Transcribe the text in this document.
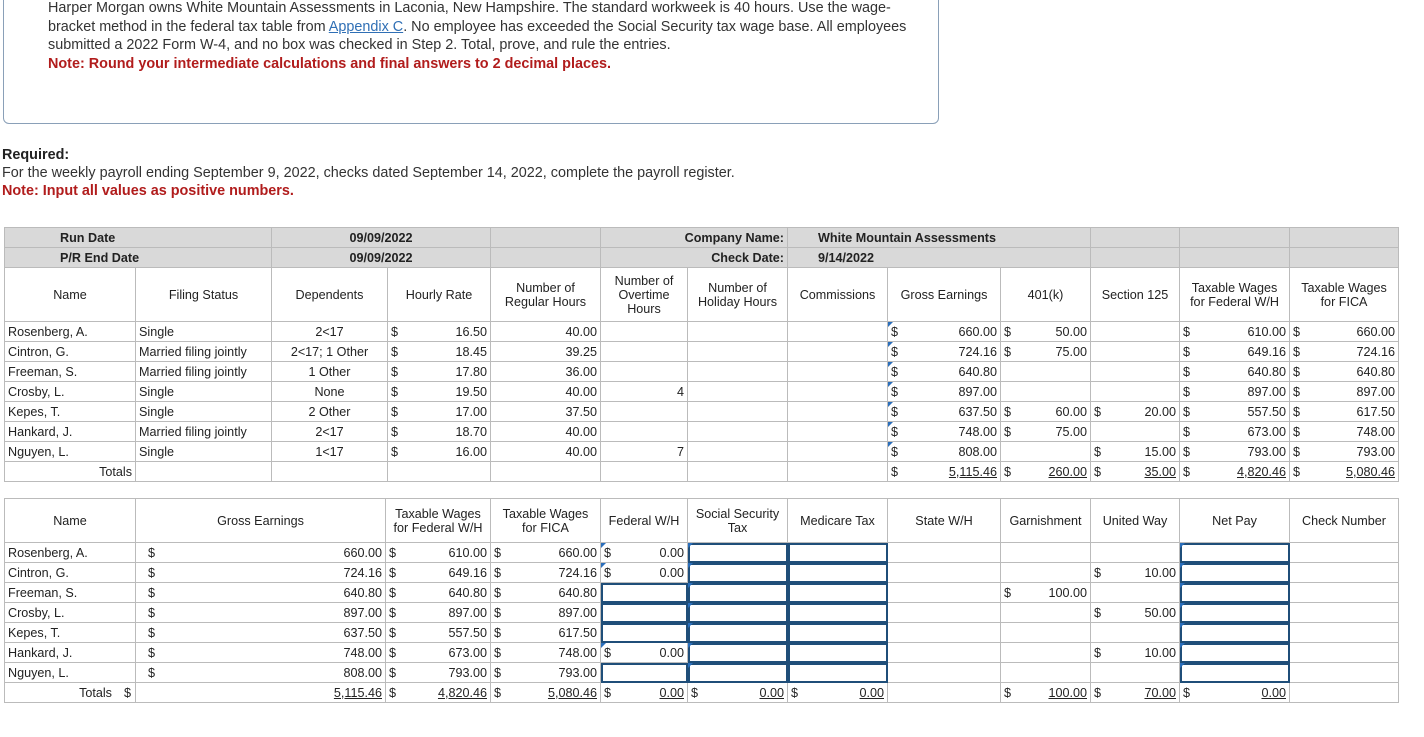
Harper Morgan owns White Mountain Assessments in Laconia, New Hampshire. The standard workweek is 40 hours. Use the wage-bracket method in the federal tax table from Appendix C. No employee has exceeded the Social Security tax wage base. All employees submitted a 2022 Form W-4, and no box was checked in Step 2. Total, prove, and rule the entries.
Note: Round your intermediate calculations and final answers to 2 decimal places.
Required:
For the weekly payroll ending September 9, 2022, checks dated September 14, 2022, complete the payroll register.
Note: Input all values as positive numbers.
Run Date		09/09/2022			Company Name:		White Mountain Assessments					
P/R End Date		09/09/2022			Check Date:		9/14/2022					
Name	Filing Status	Dependents	Hourly Rate	Number of Regular Hours	Number of Overtime Hours	Number of Holiday Hours	Commissions	Gross Earnings	401(k)	Section 125	Taxable Wages for Federal W/H	Taxable Wages for FICA
Rosenberg, A.	Single	2<17	$ 16.50	40.00				$ 660.00	$ 50.00		$ 610.00	$ 660.00

Cintron, G.	Married filing jointly	2<17; 1 Other	$ 18.45	39.25				$ 724.16	$ 75.00		$ 649.16	$ 724.16

Freeman, S.	Married filing jointly	1 Other	$ 17.80	36.00				$ 640.80			$ 640.80	$ 640.80

Crosby, L.	Single	None	$ 19.50	40.00	4			$ 897.00			$ 897.00	$ 897.00

Kepes, T.	Single	2 Other	$ 17.00	37.50				$ 637.50	$ 60.00	$ 20.00	$ 557.50	$ 617.50

Hankard, J.	Married filing jointly	2<17	$ 18.70	40.00				$ 748.00	$ 75.00		$ 673.00	$ 748.00

Nguyen, L.	Single	1<17	$ 16.00	40.00	7			$ 808.00		$ 15.00	$ 793.00	$ 793.00

Totals								$ 5,115.46	$ 260.00	$ 35.00	$ 4,820.46	$ 5,080.46
Name	Gross Earnings	Taxable Wages for Federal W/H	Taxable Wages for FICA	Federal W/H	Social Security Tax	Medicare Tax	State W/H	Garnishment	United Way	Net Pay	Check Number
Rosenberg, A.	$ 660.00	$ 610.00	$ 660.00	$ 0.00							

Cintron, G.	$ 724.16	$ 649.16	$ 724.16	$ 0.00					$ 10.00		

Freeman, S.	$ 640.80	$ 640.80	$ 640.80					$ 100.00			

Crosby, L.	$ 897.00	$ 897.00	$ 897.00						$ 50.00		

Kepes, T.	$ 637.50	$ 557.50	$ 617.50								

Hankard, J.	$ 748.00	$ 673.00	$ 748.00	$ 0.00					$ 10.00		

Nguyen, L.	$ 808.00	$ 793.00	$ 793.00								

Totals $	5,115.46	$ 4,820.46	$ 5,080.46	$ 0.00	$ 0.00	$ 0.00		$ 100.00	$ 70.00	$ 0.00	
